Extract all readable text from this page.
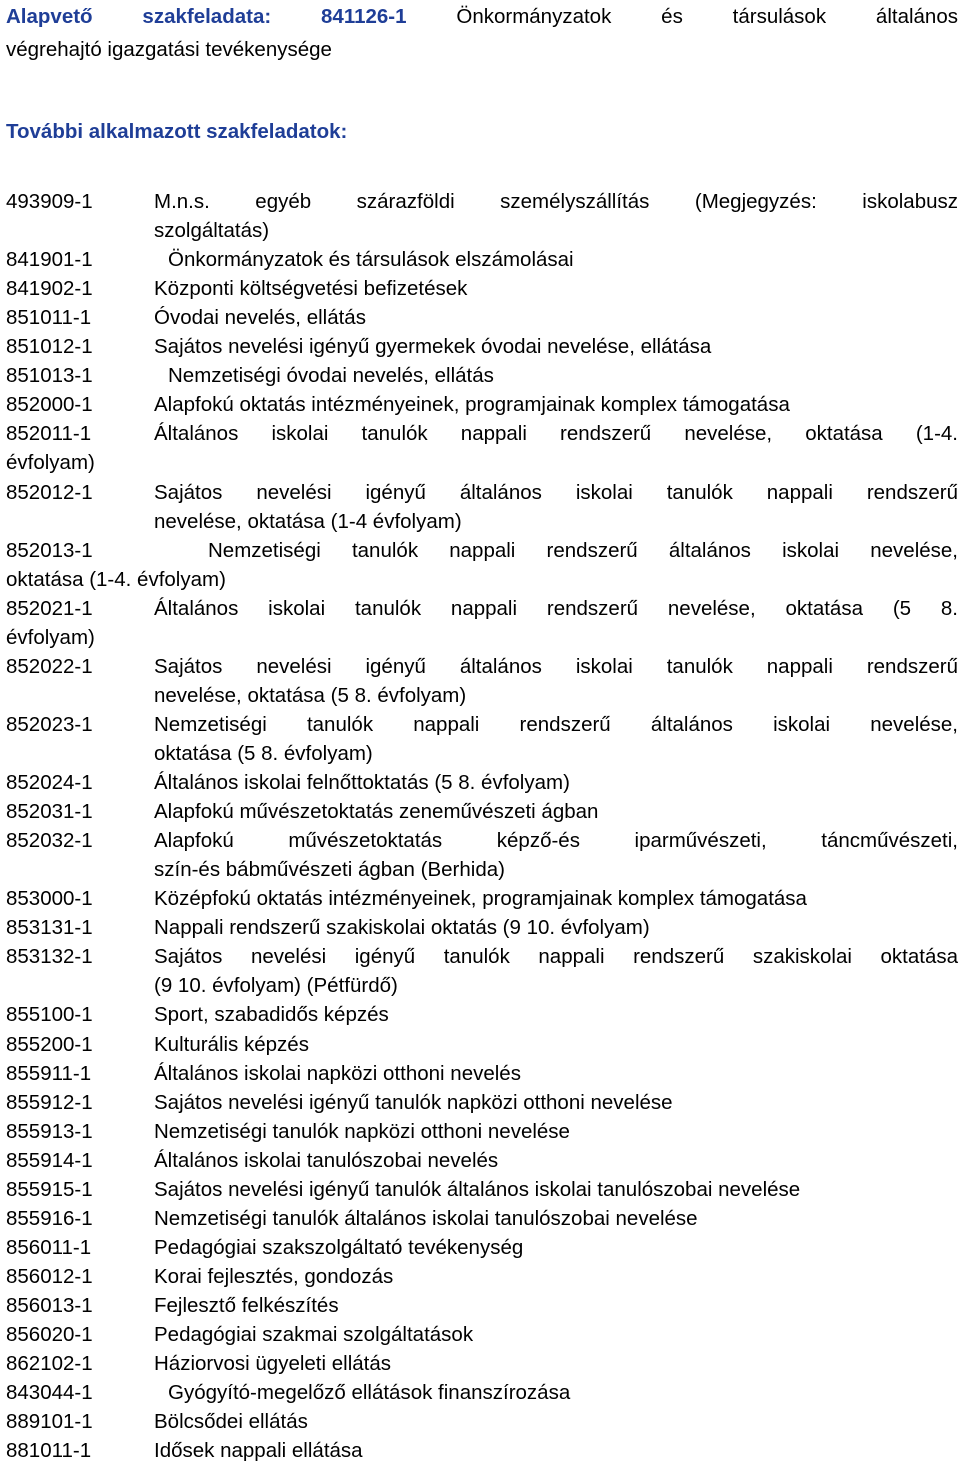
Alapvető szakfeladata: 841126-1 Önkormányzatok és társulások általános
végrehajtó igazgatási tevékenysége
További alkalmazott szakfeladatok:
493909-1	M.n.s. egyéb szárazföldi személyszállítás (Megjegyzés: iskolabusz
szolgáltatás)
841901-1	Önkormányzatok és társulások elszámolásai
841902-1	Központi költségvetési befizetések
851011-1	Óvodai nevelés, ellátás
851012-1	Sajátos nevelési igényű gyermekek óvodai nevelése, ellátása
851013-1	Nemzetiségi óvodai nevelés, ellátás
852000-1	Alapfokú oktatás intézményeinek, programjainak komplex támogatása
852011-1	Általános iskolai tanulók nappali rendszerű nevelése, oktatása (1-4.
évfolyam)
852012-1	Sajátos nevelési igényű általános iskolai tanulók nappali rendszerű
nevelése, oktatása (1-4 évfolyam)
852013-1	Nemzetiségi tanulók nappali rendszerű általános iskolai nevelése,
oktatása (1-4. évfolyam)
852021-1	Általános iskolai tanulók nappali rendszerű nevelése, oktatása (5 8.
évfolyam)
852022-1	Sajátos nevelési igényű általános iskolai tanulók nappali rendszerű
nevelése, oktatása (5 8. évfolyam)
852023-1	Nemzetiségi tanulók nappali rendszerű általános iskolai nevelése,
oktatása (5 8. évfolyam)
852024-1	Általános iskolai felnőttoktatás (5 8. évfolyam)
852031-1	Alapfokú művészetoktatás zeneművészeti ágban
852032-1	Alapfokú művészetoktatás képző-és iparművészeti, táncművészeti,
szín-és bábművészeti ágban (Berhida)
853000-1	Középfokú oktatás intézményeinek, programjainak komplex támogatása
853131-1	Nappali rendszerű szakiskolai oktatás (9 10. évfolyam)
853132-1	Sajátos nevelési igényű tanulók nappali rendszerű szakiskolai oktatása
(9 10. évfolyam) (Pétfürdő)
855100-1	Sport, szabadidős képzés
855200-1	Kulturális képzés
855911-1	Általános iskolai napközi otthoni nevelés
855912-1	Sajátos nevelési igényű tanulók napközi otthoni nevelése
855913-1	Nemzetiségi tanulók napközi otthoni nevelése
855914-1	Általános iskolai tanulószobai nevelés
855915-1	Sajátos nevelési igényű tanulók általános iskolai tanulószobai nevelése
855916-1	Nemzetiségi tanulók általános iskolai tanulószobai nevelése
856011-1	Pedagógiai szakszolgáltató tevékenység
856012-1	Korai fejlesztés, gondozás
856013-1	Fejlesztő felkészítés
856020-1	Pedagógiai szakmai szolgáltatások
862102-1	Háziorvosi ügyeleti ellátás
843044-1	Gyógyító-megelőző ellátások finanszírozása
889101-1	Bölcsődei ellátás
881011-1	Idősek nappali ellátása
